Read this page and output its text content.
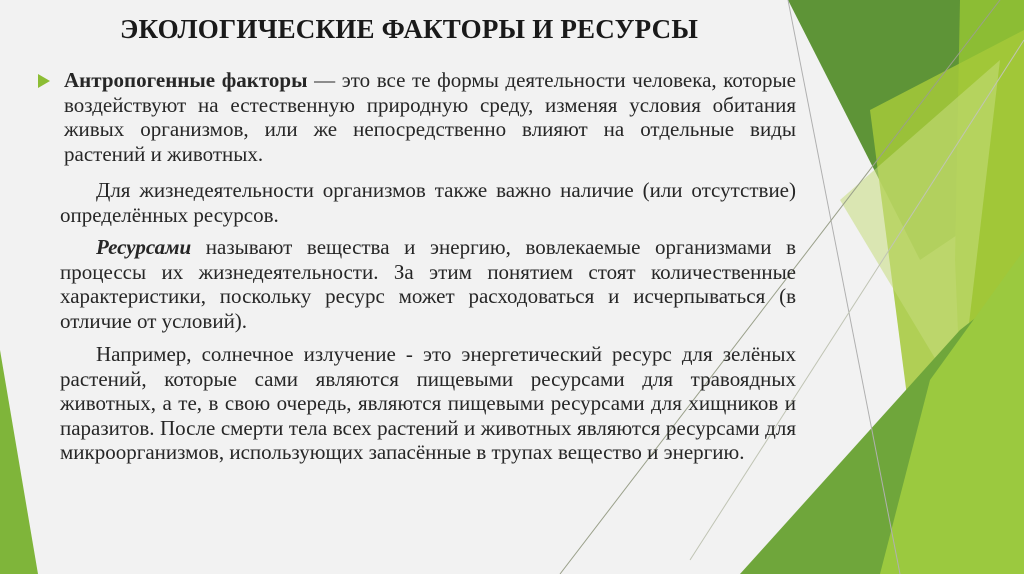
ЭКОЛОГИЧЕСКИЕ ФАКТОРЫ И РЕСУРСЫ

Антропогенные факторы — это все те формы деятельности человека, которые воздействуют на естественную природную среду, изменяя условия обитания живых организмов, или же непосредственно влияют на отдельные виды растений и животных.

Для жизнедеятельности организмов также важно наличие (или отсутствие) определённых ресурсов.

Ресурсами называют вещества и энергию, вовлекаемые организмами в процессы их жизнедеятельности. За этим понятием стоят количественные характеристики, поскольку ресурс может расходоваться и исчерпываться (в отличие от условий).

Например, солнечное излучение - это энергетический ресурс для зелёных растений, которые сами являются пищевыми ресурсами для травоядных животных, а те, в свою очередь, являются пищевыми ресурсами для хищников и паразитов. После смерти тела всех растений и животных являются ресурсами для микроорганизмов, использующих запасённые в трупах вещество и энергию.
